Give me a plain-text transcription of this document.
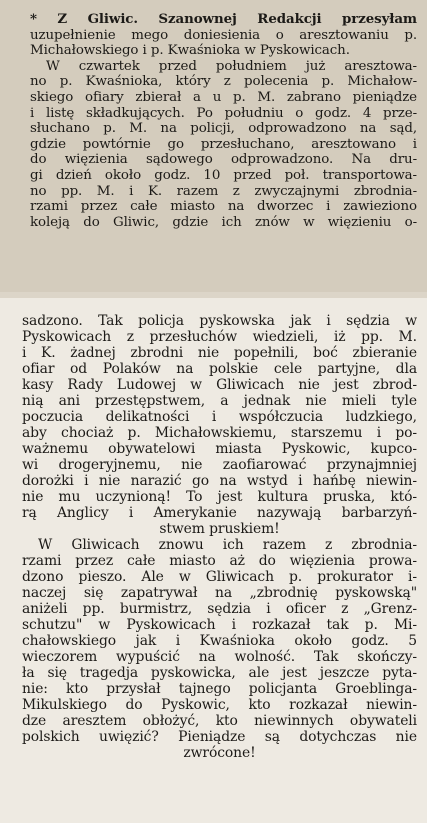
* Z Gliwic. Szanownej Redakcji przesyłam
uzupełnienie mego doniesienia o aresztowaniu p.
Michałowskiego i p. Kwaśnioka w Pyskowicach.
W czwartek przed południem już aresztowa-
no p. Kwaśnioka, który z polecenia p. Michałow-
skiego ofiary zbierał a u p. M. zabrano pieniądze
i listę składkujących. Po południu o godz. 4 prze-
słuchano p. M. na policji, odprowadzono na sąd,
gdzie powtórnie go przesłuchano, aresztowano i
do więzienia sądowego odprowadzono. Na dru-
gi dzień około godz. 10 przed poł. transportowa-
no pp. M. i K. razem z zwyczajnymi zbrodnia-
rzami przez całe miasto na dworzec i zawieziono
koleją do Gliwic, gdzie ich znów w więzieniu o-

sadzono. Tak policja pyskowska jak i sędzia w
Pyskowicach z przesłuchów wiedzieli, iż pp. M.
i K. żadnej zbrodni nie popełnili, boć zbieranie
ofiar od Polaków na polskie cele partyjne, dla
kasy Rady Ludowej w Gliwicach nie jest zbrod-
nią ani przestępstwem, a jednak nie mieli tyle
poczucia delikatności i współczucia ludzkiego,
aby chociaż p. Michałowskiemu, starszemu i po-
ważnemu obywatelowi miasta Pyskowic, kupco-
wi drogeryjnemu, nie zaofiarować przynajmniej
dorożki i nie narazić go na wstyd i hańbę niewin-
nie mu uczynioną! To jest kultura pruska, któ-
rą Anglicy i Amerykanie nazywają barbarzyń-
stwem pruskiem!

W Gliwicach znowu ich razem z zbrodnia-
rzami przez całe miasto aż do więzienia prowa-
dzono pieszo. Ale w Gliwicach p. prokurator i-
naczej się zapatrywał na „zbrodnię pyskowską"
aniżeli pp. burmistrz, sędzia i oficer z „Grenz-
schutzu" w Pyskowicach i rozkazał tak p. Mi-
chałowskiego jak i Kwaśnioka około godz. 5
wieczorem wypuścić na wolność. Tak skończy-
ła się tragedja pyskowicka, ale jest jeszcze pyta-
nie: kto przysłał tajnego policjanta Groeblinga-
Mikulskiego do Pyskowic, kto rozkazał niewin-
dze aresztem obłożyć, kto niewinnych obywateli
polskich uwięzić? Pieniądze są dotychczas nie
zwrócone!
